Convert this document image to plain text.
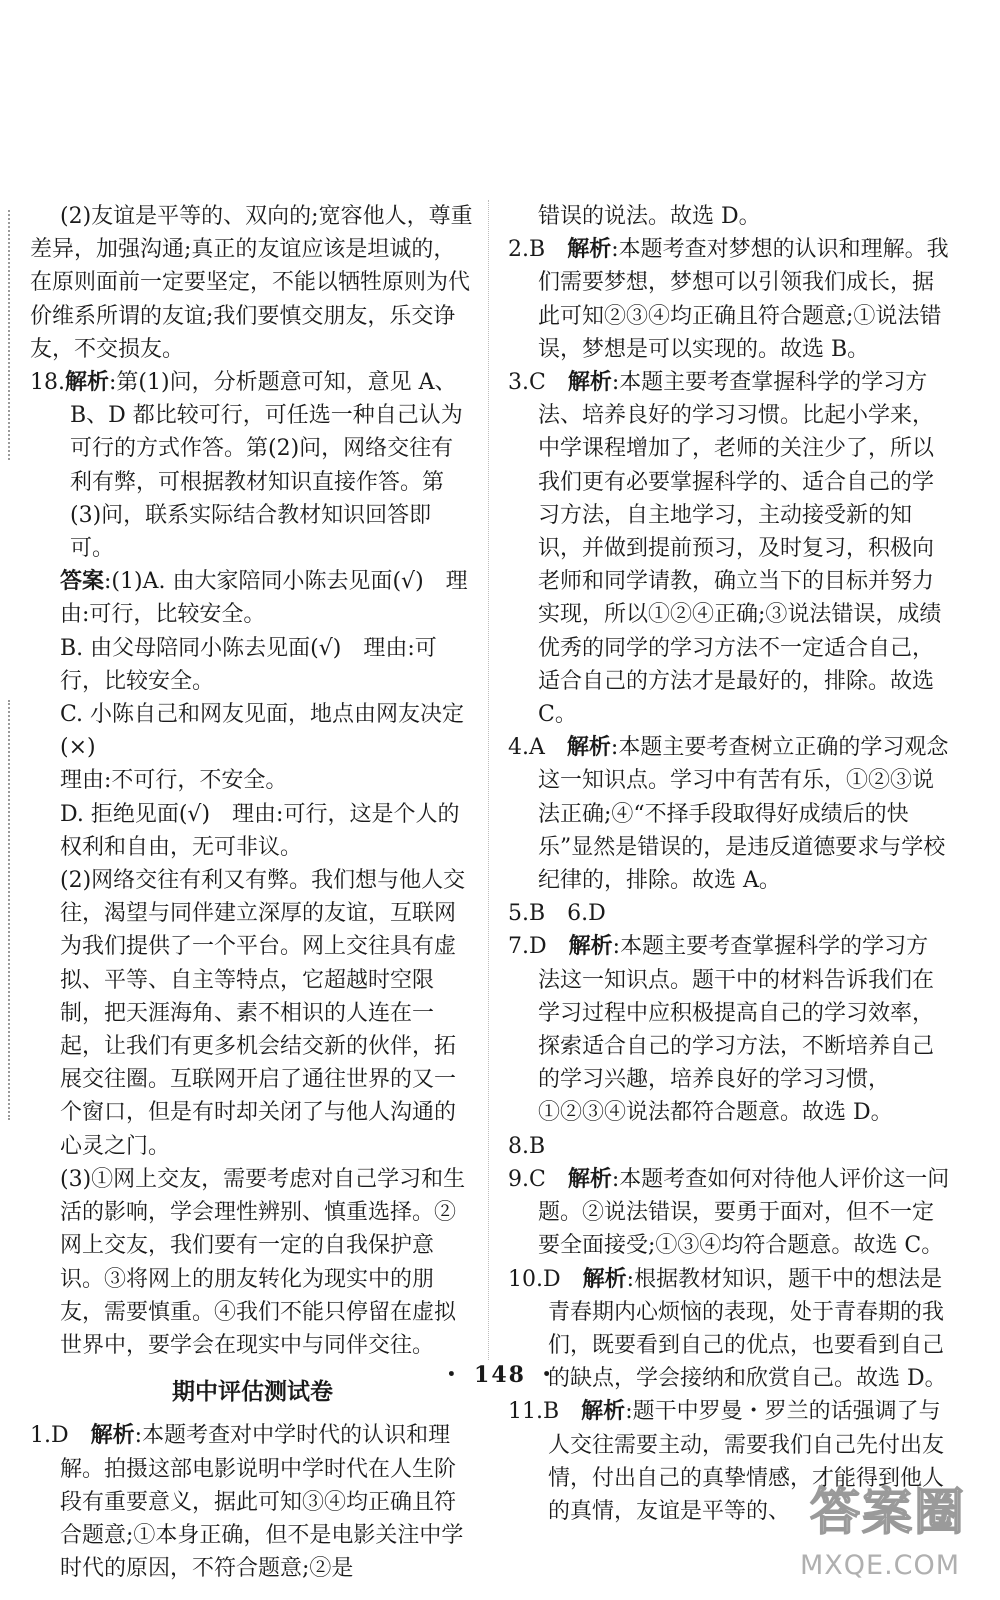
(2)友谊是平等的、双向的;宽容他人，尊重差异，加强沟通;真正的友谊应该是坦诚的，在原则面前一定要坚定，不能以牺牲原则为代价维系所谓的友谊;我们要慎交朋友，乐交诤友，不交损友。

18.解析:第(1)问，分析题意可知，意见 A、B、D 都比较可行，可任选一种自己认为可行的方式作答。第(2)问，网络交往有利有弊，可根据教材知识直接作答。第(3)问，联系实际结合教材知识回答即可。

答案:(1)A. 由大家陪同小陈去见面(√)　理由:可行，比较安全。

B. 由父母陪同小陈去见面(√)　理由:可行，比较安全。

C. 小陈自己和网友见面，地点由网友决定(×)

理由:不可行，不安全。

D. 拒绝见面(√)　理由:可行，这是个人的权利和自由，无可非议。

(2)网络交往有利又有弊。我们想与他人交往，渴望与同伴建立深厚的友谊，互联网为我们提供了一个平台。网上交往具有虚拟、平等、自主等特点，它超越时空限制，把天涯海角、素不相识的人连在一起，让我们有更多机会结交新的伙伴，拓展交往圈。互联网开启了通往世界的又一个窗口，但是有时却关闭了与他人沟通的心灵之门。

(3)①网上交友，需要考虑对自己学习和生活的影响，学会理性辨别、慎重选择。②网上交友，我们要有一定的自我保护意识。③将网上的朋友转化为现实中的朋友，需要慎重。④我们不能只停留在虚拟世界中，要学会在现实中与同伴交往。

期中评估测试卷

1.D　 解析:本题考查对中学时代的认识和理解。拍摄这部电影说明中学时代在人生阶段有重要意义，据此可知③④均正确且符合题意;①本身正确，但不是电影关注中学时代的原因，不符合题意;②是

错误的说法。故选 D。

2.B　 解析:本题考查对梦想的认识和理解。我们需要梦想，梦想可以引领我们成长，据此可知②③④均正确且符合题意;①说法错误，梦想是可以实现的。故选 B。

3.C　 解析:本题主要考查掌握科学的学习方法、培养良好的学习习惯。比起小学来，中学课程增加了，老师的关注少了，所以我们更有必要掌握科学的、适合自己的学习方法，自主地学习，主动接受新的知识，并做到提前预习，及时复习，积极向老师和同学请教，确立当下的目标并努力实现，所以①②④正确;③说法错误，成绩优秀的同学的学习方法不一定适合自己，适合自己的方法才是最好的，排除。故选 C。

4.A　 解析:本题主要考查树立正确的学习观念这一知识点。学习中有苦有乐，①②③说法正确;④“不择手段取得好成绩后的快乐”显然是错误的，是违反道德要求与学校纪律的，排除。故选 A。

5.B　6.D

7.D　 解析:本题主要考查掌握科学的学习方法这一知识点。题干中的材料告诉我们在学习过程中应积极提高自己的学习效率，探索适合自己的学习方法，不断培养自己的学习兴趣，培养良好的学习习惯，①②③④说法都符合题意。故选 D。

8.B

9.C　 解析:本题考查如何对待他人评价这一问题。②说法错误，要勇于面对，但不一定要全面接受;①③④均符合题意。故选 C。

10.D　 解析:根据教材知识，题干中的想法是青春期内心烦恼的表现，处于青春期的我们，既要看到自己的优点，也要看到自己的缺点，学会接纳和欣赏自己。故选 D。

11.B　 解析:题干中罗曼・罗兰的话强调了与人交往需要主动，需要我们自己先付出友情，付出自己的真挚情感，才能得到他人的真情，友谊是平等的、

・ 148 ・
答案圈
MXQE.COM
